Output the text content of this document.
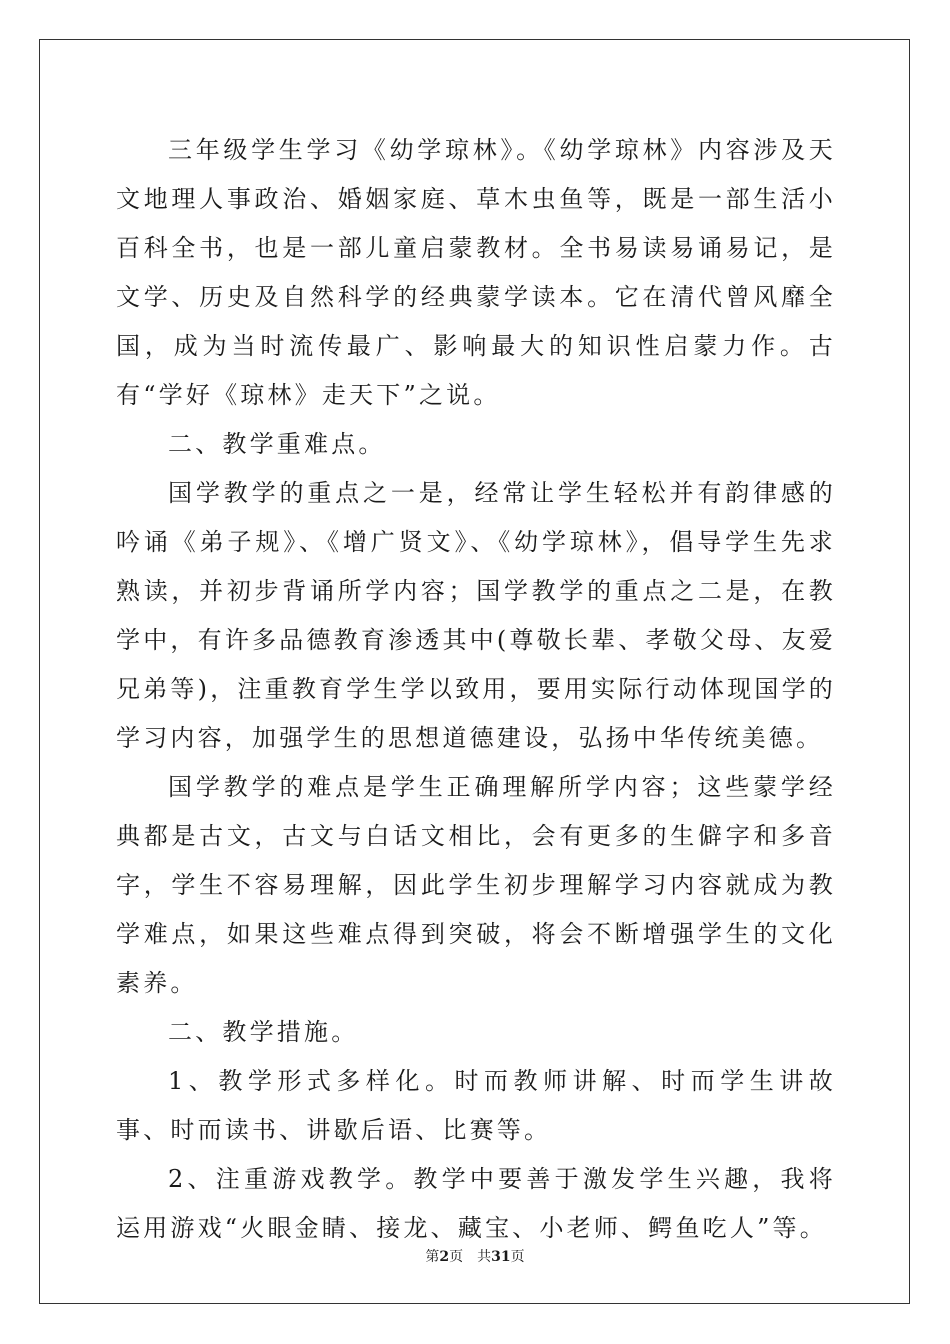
三年级学生学习《幼学琼林》。《幼学琼林》内容涉及天文地理人事政治、婚姻家庭、草木虫鱼等，既是一部生活小百科全书，也是一部儿童启蒙教材。全书易读易诵易记，是文学、历史及自然科学的经典蒙学读本。它在清代曾风靡全国，成为当时流传最广、影响最大的知识性启蒙力作。古有“学好《琼林》走天下”之说。

二、教学重难点。

国学教学的重点之一是，经常让学生轻松并有韵律感的吟诵《弟子规》、《增广贤文》、《幼学琼林》，倡导学生先求熟读，并初步背诵所学内容；国学教学的重点之二是，在教学中，有许多品德教育渗透其中(尊敬长辈、孝敬父母、友爱兄弟等)，注重教育学生学以致用，要用实际行动体现国学的学习内容，加强学生的思想道德建设，弘扬中华传统美德。

国学教学的难点是学生正确理解所学内容；这些蒙学经典都是古文，古文与白话文相比，会有更多的生僻字和多音字，学生不容易理解，因此学生初步理解学习内容就成为教学难点，如果这些难点得到突破，将会不断增强学生的文化素养。

二、教学措施。

1、教学形式多样化。时而教师讲解、时而学生讲故事、时而读书、讲歇后语、比赛等。

2、注重游戏教学。教学中要善于激发学生兴趣，我将运用游戏“火眼金睛、接龙、藏宝、小老师、鳄鱼吃人”等。

第2页 共31页
